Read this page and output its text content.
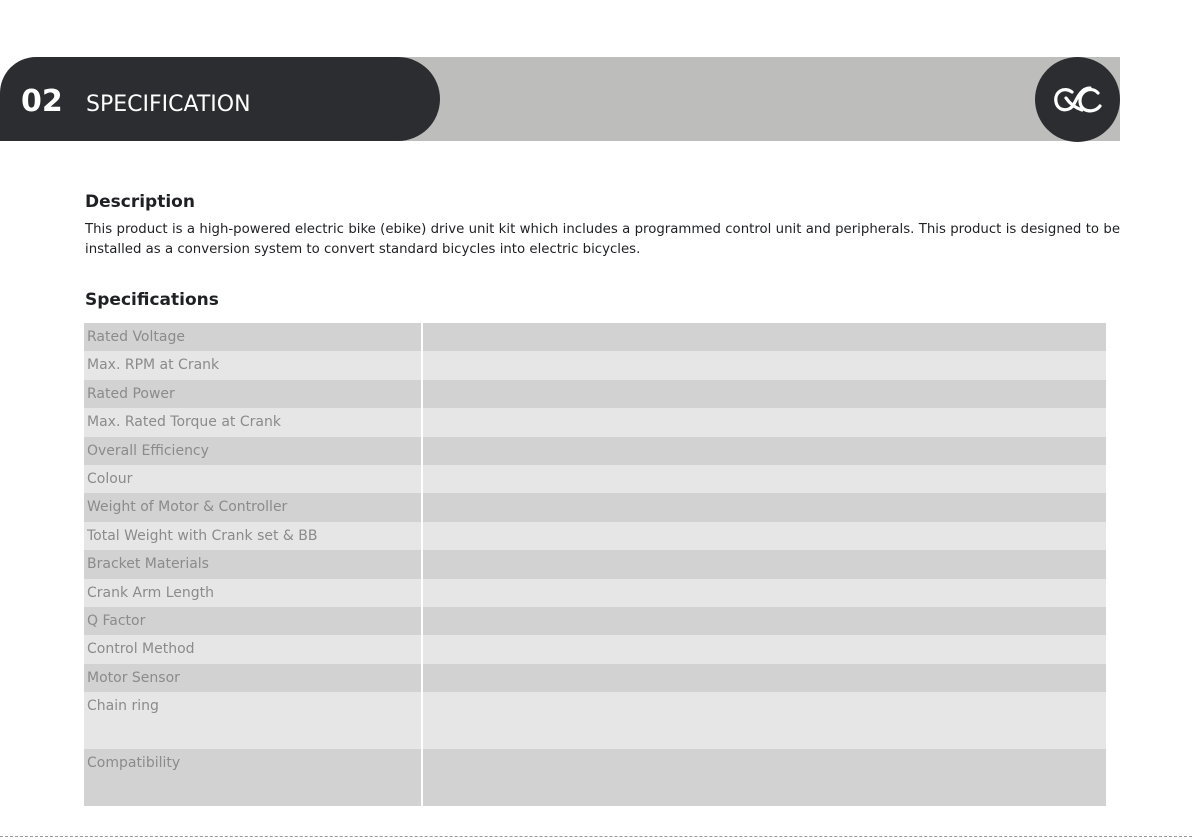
02 SPECIFICATION
Description
This product is a high-powered electric bike (ebike) drive unit kit which includes a programmed control unit and peripherals. This product is designed to be installed as a conversion system to convert standard bicycles into electric bicycles.
Specifications
Rated Voltage
Max. RPM at Crank
Rated Power
Max. Rated Torque at Crank
Overall Efficiency
Colour
Weight of Motor & Controller
Total Weight with Crank set & BB
Bracket Materials
Crank Arm Length
Q Factor
Control Method
Motor Sensor
Chain ring
Compatibility
